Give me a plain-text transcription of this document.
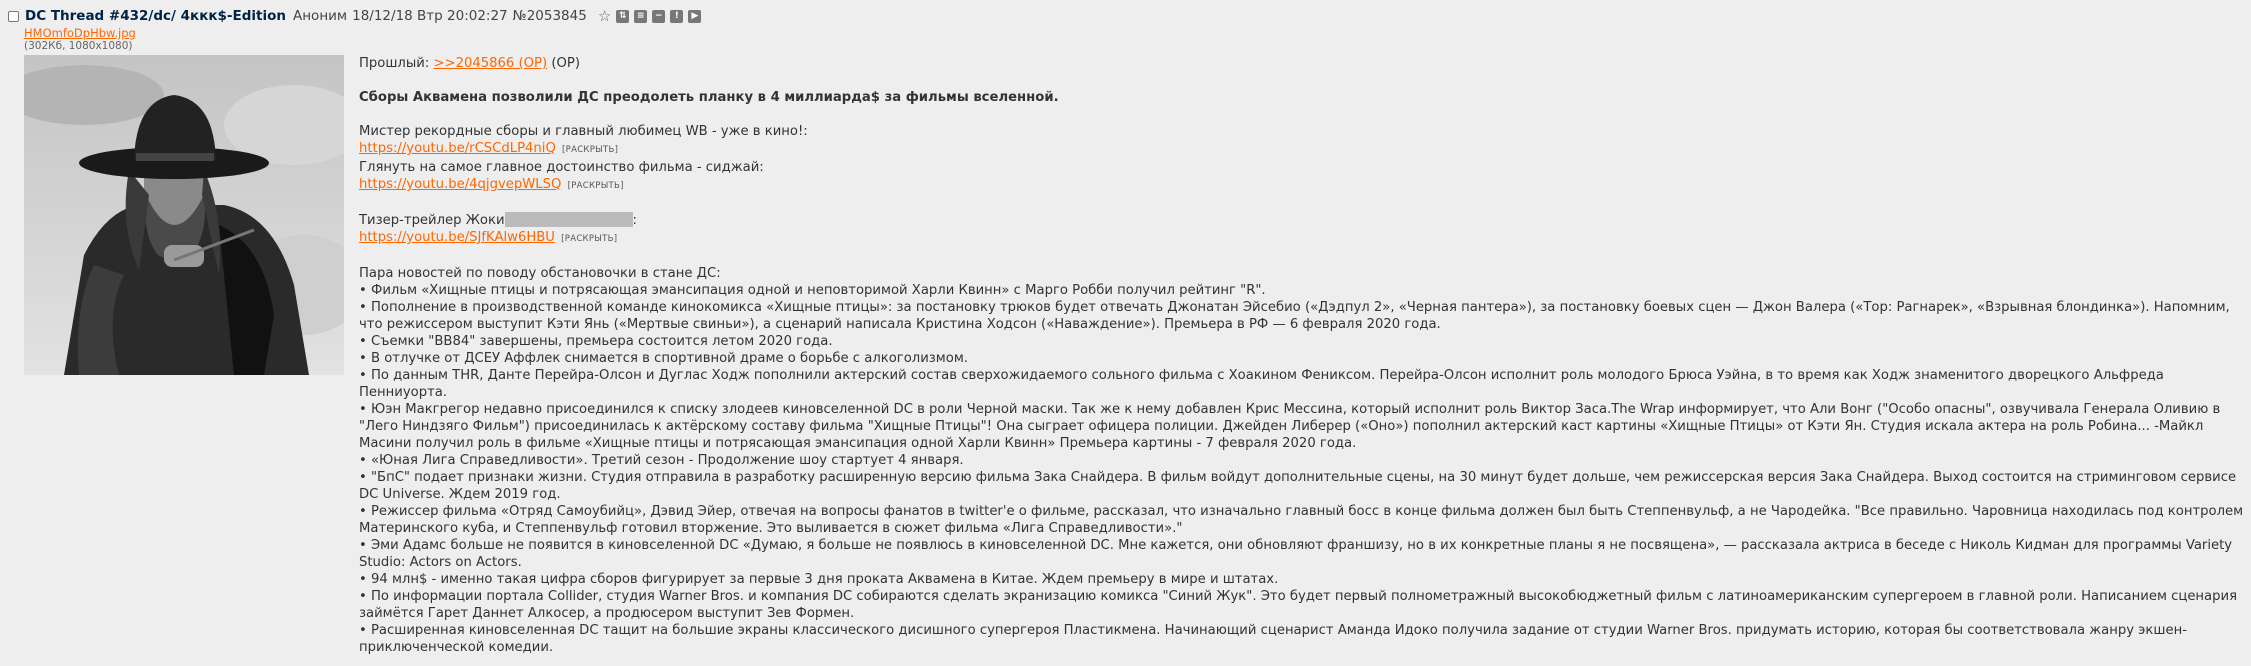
DC Thread #432/dc/ 4ккк$-Edition Аноним 18/12/18 Втр 20:02:27 №2053845 ☆ ⇅	≡	−	!	▶
HMOmfoDpHbw.jpg
(302Кб, 1080x1080)

Прошлый: >>2045866 (OP) (OP)

Сборы Аквамена позволили ДС преодолеть планку в 4 миллиарда$ за фильмы вселенной.

Мистер рекордные сборы и главный любимец WB - уже в кино!:

https://youtu.be/rCSCdLP4niQ [РАСКРЫТЬ]

Глянуть на самое главное достоинство фильма - сиджай:

https://youtu.be/4qjgvepWLSQ [РАСКРЫТЬ]

Тизер-трейлер Жоки	:

https://youtu.be/SJfKAlw6HBU [РАСКРЫТЬ]

Пара новостей по поводу обстановочки в стане ДС:

• Фильм «Хищные птицы и потрясающая эмансипация одной и неповторимой Харли Квинн» с Марго Робби получил рейтинг "R".

• Пополнение в производственной команде кинокомикса «Хищные птицы»: за постановку трюков будет отвечать Джонатан Эйсебио («Дэдпул 2», «Черная пантера»), за постановку боевых сцен — Джон Валера («Тор: Рагнарек», «Взрывная блондинка»). Напомним, что режиссером выступит Кэти Янь («Мертвые свиньи»), а сценарий написала Кристина Ходсон («Наваждение»). Премьера в РФ — 6 февраля 2020 года.

• Съемки "BB84" завершены, премьера состоится летом 2020 года.

• В отлучке от ДСЕУ Аффлек снимается в спортивной драме о борьбе с алкоголизмом.

• По данным THR, Данте Перейра-Олсон и Дуглас Ходж пополнили актерский состав сверхожидаемого сольного фильма с Хоакином Фениксом. Перейра-Олсон исполнит роль молодого Брюса Уэйна, в то время как Ходж знаменитого дворецкого Альфреда Пенниуорта.

• Юэн Макгрегор недавно присоединился к списку злодеев киновселенной DC в роли Черной маски. Так же к нему добавлен Крис Мессина, который исполнит роль Виктор Заса.The Wrap информирует, что Али Вонг ("Особо опасны", озвучивала Генерала Оливию в "Лего Ниндзяго Фильм") присоединилась к актёрскому составу фильма "Хищные Птицы"! Она сыграет офицера полиции. Джейден Либерер («Оно») пополнил актерский каст картины «Хищные Птицы» от Кэти Ян. Студия искала актера на роль Робина... -Майкл Масини получил роль в фильме «Хищные птицы и потрясающая эмансипация одной Харли Квинн» Премьера картины - 7 февраля 2020 года.

• «Юная Лига Справедливости». Третий сезон - Продолжение шоу стартует 4 января.

• "БпС" подает признаки жизни. Студия отправила в разработку расширенную версию фильма Зака Снайдера. В фильм войдут дополнительные сцены, на 30 минут будет дольше, чем режиссерская версия Зака Снайдера. Выход состоится на стриминговом сервисе DC Universe. Ждем 2019 год.

• Режиссер фильма «Отряд Самоубийц», Дэвид Эйер, отвечая на вопросы фанатов в twitter'е о фильме, рассказал, что изначально главный босс в конце фильма должен был быть Степпенвульф, а не Чародейка. "Все правильно. Чаровница находилась под контролем Материнского куба, и Степпенвульф готовил вторжение. Это выливается в сюжет фильма «Лига Справедливости»."

• Эми Адамс больше не появится в киновселенной DC «Думаю, я больше не появлюсь в киновселенной DC. Мне кажется, они обновляют франшизу, но в их конкретные планы я не посвящена», — рассказала актриса в беседе с Николь Кидман для программы Variety Studio: Actors on Actors.

• 94 млн$ - именно такая цифра сборов фигурирует за первые 3 дня проката Аквамена в Китае. Ждем премьеру в мире и штатах.

• По информации портала Collider, студия Warner Bros. и компания DC собираются сделать экранизацию комикса "Синий Жук". Это будет первый полнометражный высокобюджетный фильм с латиноамериканским супергероем в главной роли. Написанием сценария займётся Гарет Даннет Алкосер, а продюсером выступит Зев Формен.

• Расширенная киновселенная DC тащит на большие экраны классического дисишного супергероя Пластикмена. Начинающий сценарист Аманда Идоко получила задание от студии Warner Bros. придумать историю, которая бы соответствовала жанру экшен-приключенческой комедии.
